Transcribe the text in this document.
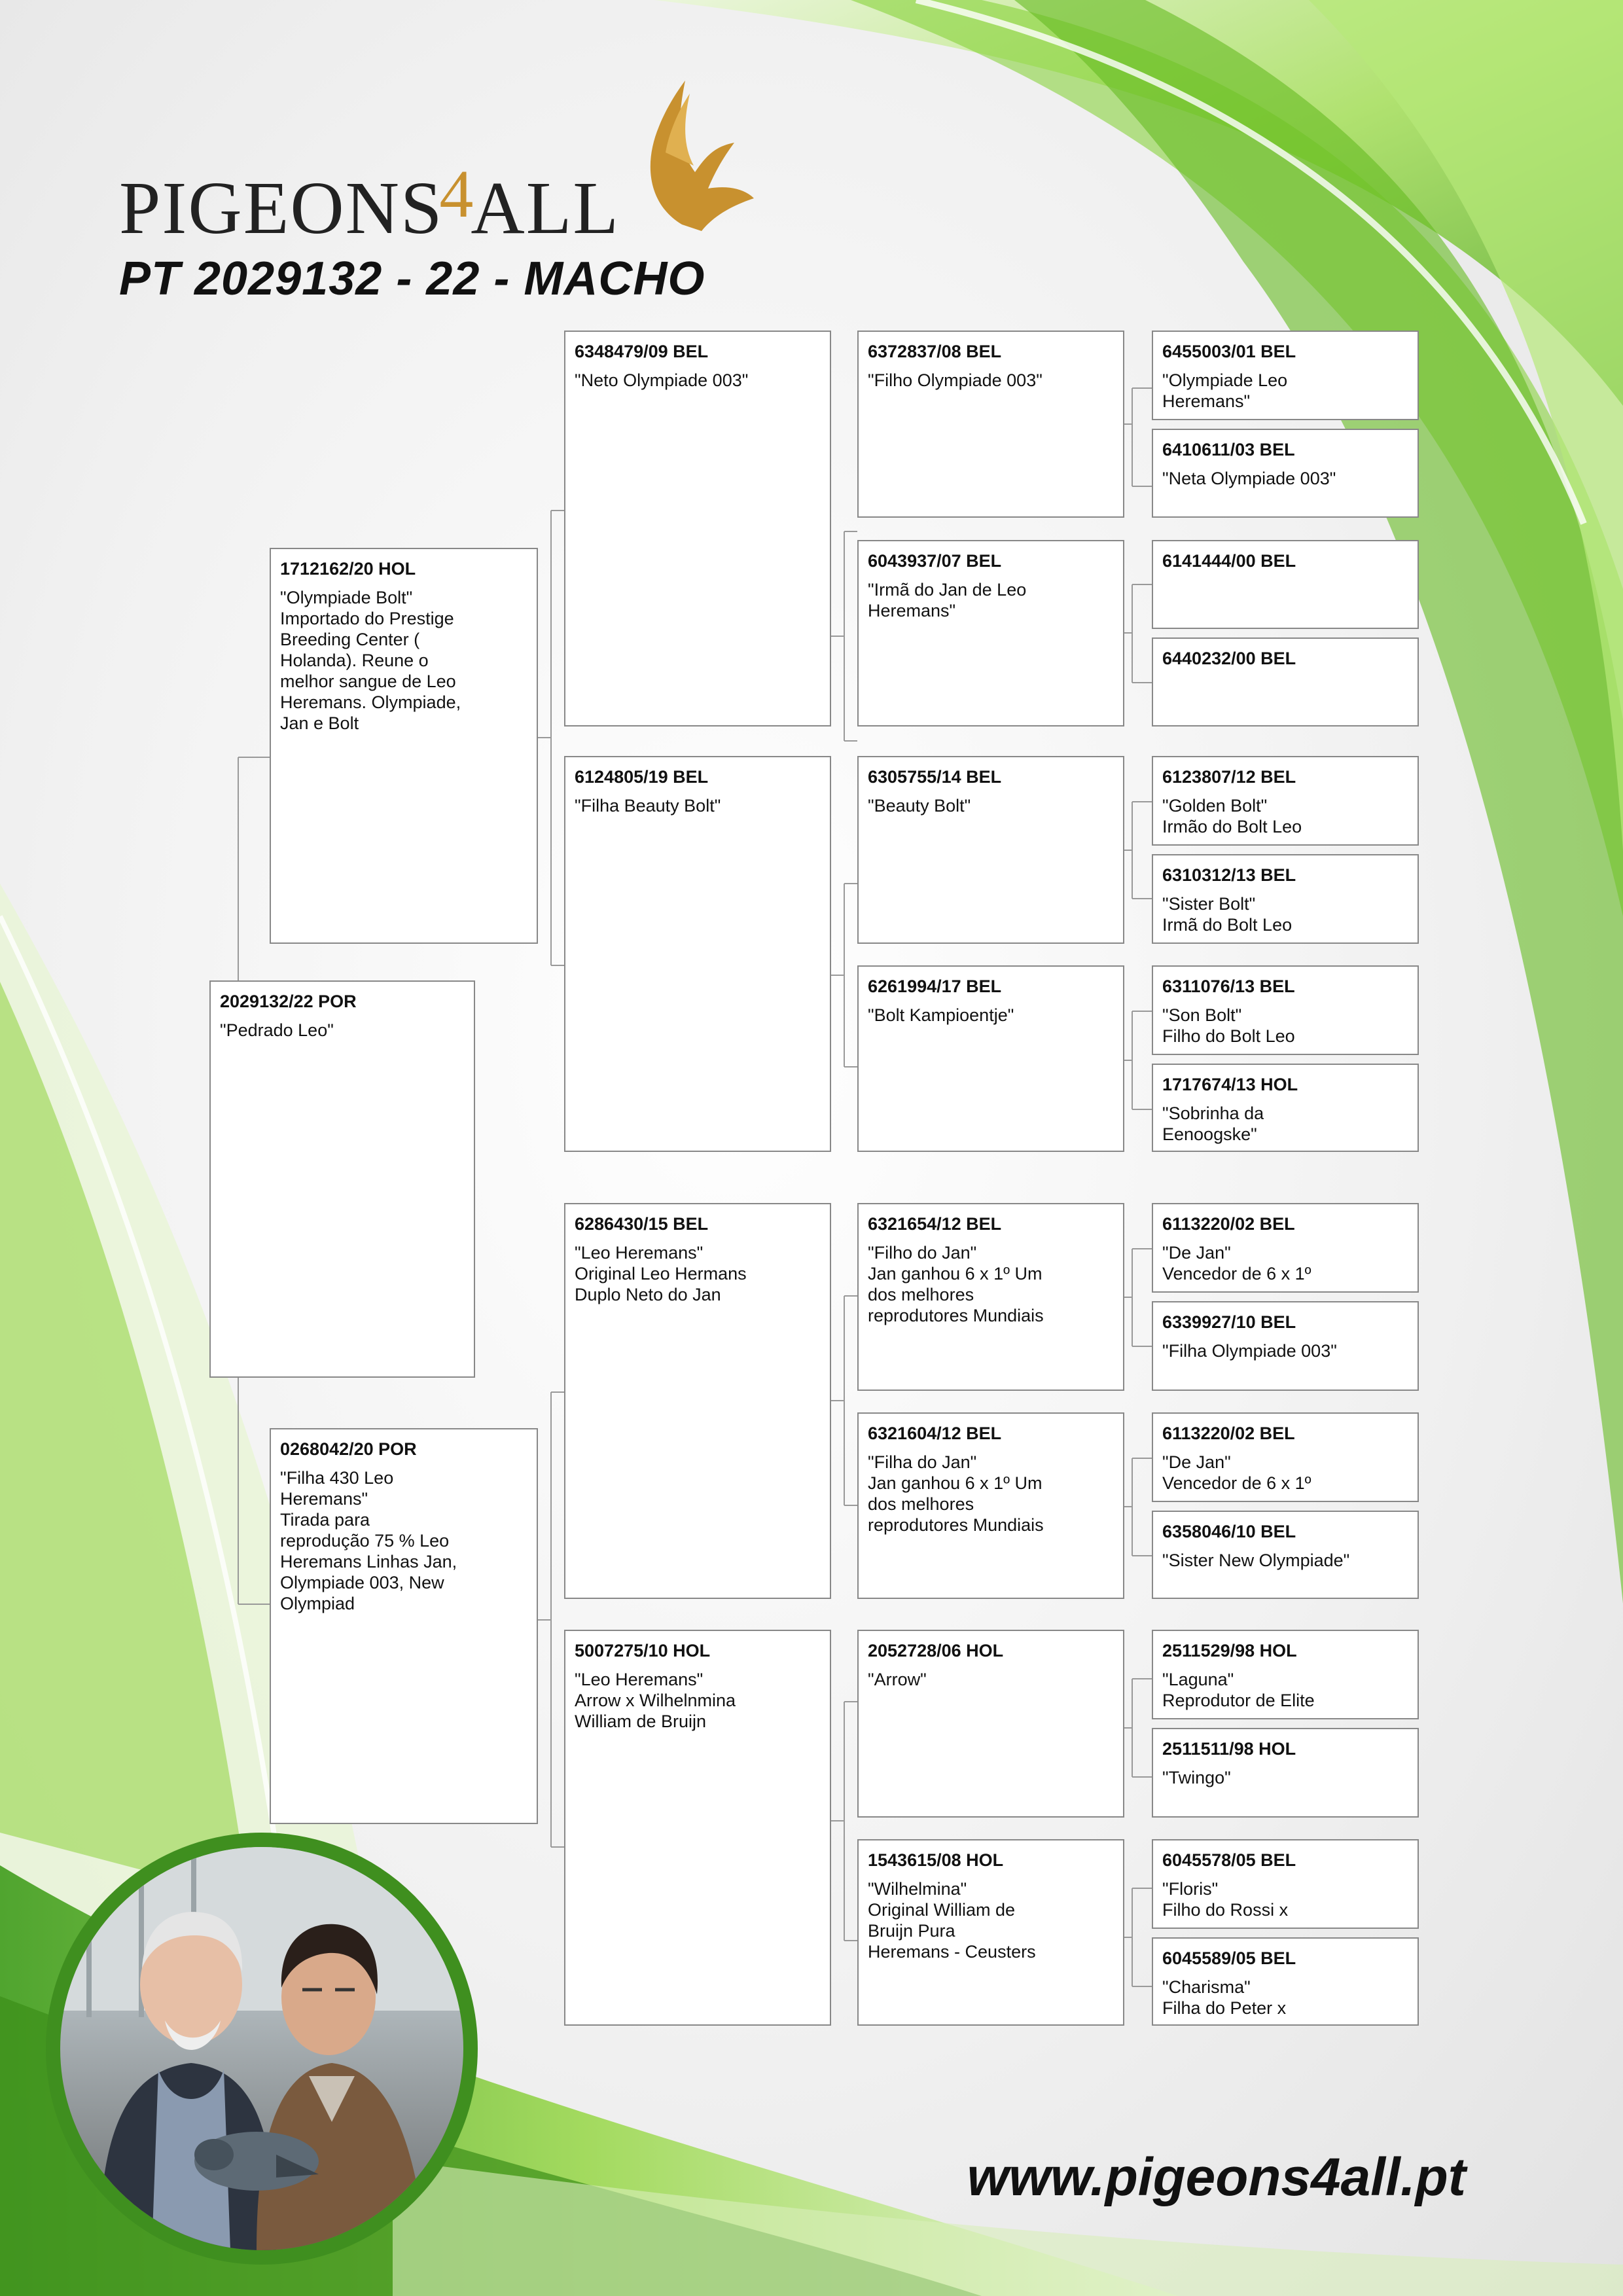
PIGEONS
4
ALL
PT 2029132 - 22 - MACHO
2029132/22 POR
"Pedrado Leo"
1712162/20 HOL
"Olympiade Bolt"
Importado do Prestige
Breeding Center (
Holanda). Reune o
melhor sangue de Leo
Heremans. Olympiade,
Jan e Bolt
0268042/20 POR
"Filha 430 Leo
Heremans"
Tirada para
reprodução 75 % Leo
Heremans Linhas Jan,
Olympiade 003, New
Olympiad
6348479/09 BEL
"Neto Olympiade 003"
6124805/19 BEL
"Filha Beauty Bolt"
6286430/15 BEL
"Leo Heremans"
Original Leo Hermans
Duplo Neto do Jan
5007275/10 HOL
"Leo Heremans"
Arrow x Wilhelnmina
William de Bruijn
6372837/08 BEL
"Filho Olympiade 003"
6043937/07 BEL
"Irmã do Jan de Leo
Heremans"
6305755/14 BEL
"Beauty Bolt"
6261994/17 BEL
"Bolt Kampioentje"
6321654/12 BEL
"Filho do Jan"
Jan ganhou 6 x 1º Um
dos melhores
reprodutores Mundiais
6321604/12 BEL
"Filha do Jan"
Jan ganhou 6 x 1º Um
dos melhores
reprodutores Mundiais
2052728/06 HOL
"Arrow"
1543615/08 HOL
"Wilhelmina"
Original William de
Bruijn Pura
Heremans - Ceusters
6455003/01 BEL
"Olympiade Leo
Heremans"
6410611/03 BEL
"Neta Olympiade 003"
6141444/00 BEL
6440232/00 BEL
6123807/12 BEL
"Golden Bolt"
Irmão do Bolt Leo
6310312/13 BEL
"Sister Bolt"
Irmã do Bolt Leo
6311076/13 BEL
"Son Bolt"
Filho do Bolt Leo
1717674/13 HOL
"Sobrinha da
Eenoogske"
6113220/02 BEL
"De Jan"
Vencedor de 6 x 1º
6339927/10 BEL
"Filha Olympiade 003"
6113220/02 BEL
"De Jan"
Vencedor de 6 x 1º
6358046/10 BEL
"Sister New Olympiade"
2511529/98 HOL
"Laguna"
Reprodutor de Elite
2511511/98 HOL
"Twingo"
6045578/05 BEL
"Floris"
Filho do Rossi x
6045589/05 BEL
"Charisma"
Filha do Peter x
www.pigeons4all.pt
